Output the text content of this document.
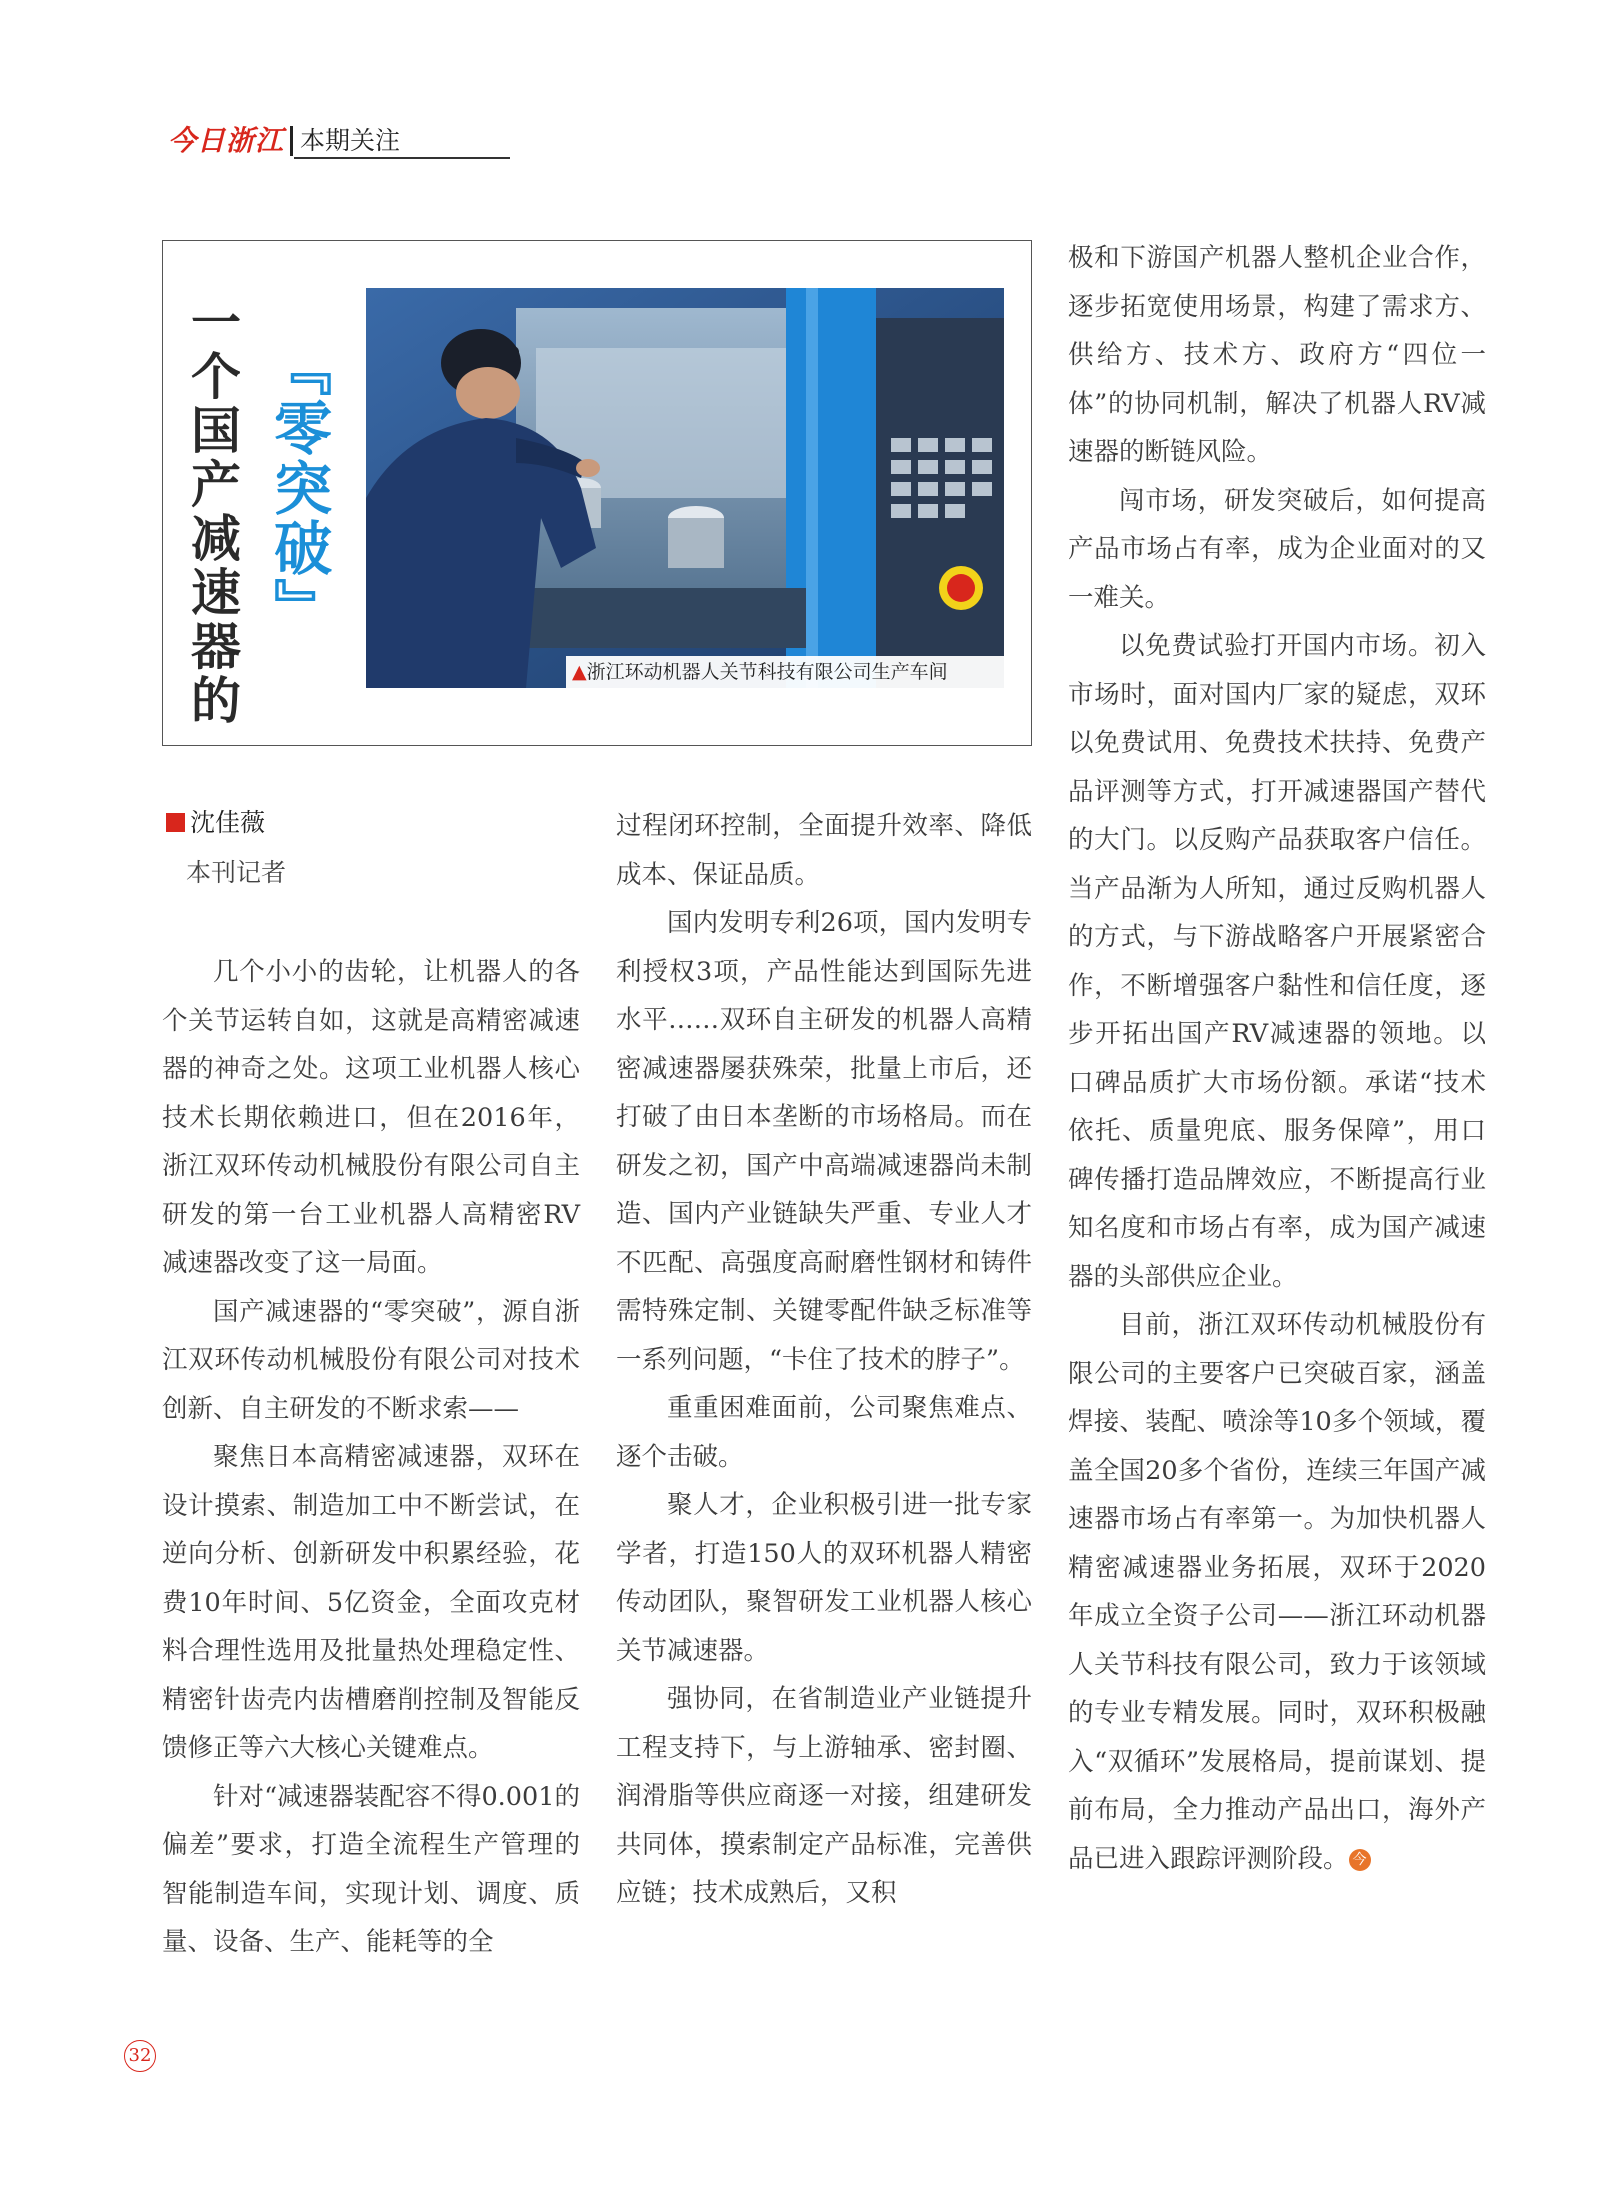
今日浙江 本期关注
一个国产减速器的 『零突破』
▲浙江环动机器人关节科技有限公司生产车间
沈佳薇
本刊记者

几个小小的齿轮，让机器人的各个关节运转自如，这就是高精密减速器的神奇之处。这项工业机器人核心技术长期依赖进口，但在2016年，浙江双环传动机械股份有限公司自主研发的第一台工业机器人高精密RV减速器改变了这一局面。

国产减速器的“零突破”，源自浙江双环传动机械股份有限公司对技术创新、自主研发的不断求索——

聚焦日本高精密减速器，双环在设计摸索、制造加工中不断尝试，在逆向分析、创新研发中积累经验，花费10年时间、5亿资金，全面攻克材料合理性选用及批量热处理稳定性、精密针齿壳内齿槽磨削控制及智能反馈修正等六大核心关键难点。

针对“减速器装配容不得0.001的偏差”要求，打造全流程生产管理的智能制造车间，实现计划、调度、质量、设备、生产、能耗等的全

过程闭环控制，全面提升效率、降低成本、保证品质。

国内发明专利26项，国内发明专利授权3项，产品性能达到国际先进水平……双环自主研发的机器人高精密减速器屡获殊荣，批量上市后，还打破了由日本垄断的市场格局。而在研发之初，国产中高端减速器尚未制造、国内产业链缺失严重、专业人才不匹配、高强度高耐磨性钢材和铸件需特殊定制、关键零配件缺乏标准等一系列问题，“卡住了技术的脖子”。

重重困难面前，公司聚焦难点、逐个击破。

聚人才，企业积极引进一批专家学者，打造150人的双环机器人精密传动团队，聚智研发工业机器人核心关节减速器。

强协同，在省制造业产业链提升工程支持下，与上游轴承、密封圈、润滑脂等供应商逐一对接，组建研发共同体，摸索制定产品标准，完善供应链；技术成熟后，又积

极和下游国产机器人整机企业合作，逐步拓宽使用场景，构建了需求方、供给方、技术方、政府方“四位一体”的协同机制，解决了机器人RV减速器的断链风险。

闯市场，研发突破后，如何提高产品市场占有率，成为企业面对的又一难关。

以免费试验打开国内市场。初入市场时，面对国内厂家的疑虑，双环以免费试用、免费技术扶持、免费产品评测等方式，打开减速器国产替代的大门。以反购产品获取客户信任。当产品渐为人所知，通过反购机器人的方式，与下游战略客户开展紧密合作，不断增强客户黏性和信任度，逐步开拓出国产RV减速器的领地。以口碑品质扩大市场份额。承诺“技术依托、质量兜底、服务保障”，用口碑传播打造品牌效应，不断提高行业知名度和市场占有率，成为国产减速器的头部供应企业。

目前，浙江双环传动机械股份有限公司的主要客户已突破百家，涵盖焊接、装配、喷涂等10多个领域，覆盖全国20多个省份，连续三年国产减速器市场占有率第一。为加快机器人精密减速器业务拓展，双环于2020年成立全资子公司——浙江环动机器人关节科技有限公司，致力于该领域的专业专精发展。同时，双环积极融入“双循环”发展格局，提前谋划、提前布局，全力推动产品出口，海外产品已进入跟踪评测阶段。 今

32
